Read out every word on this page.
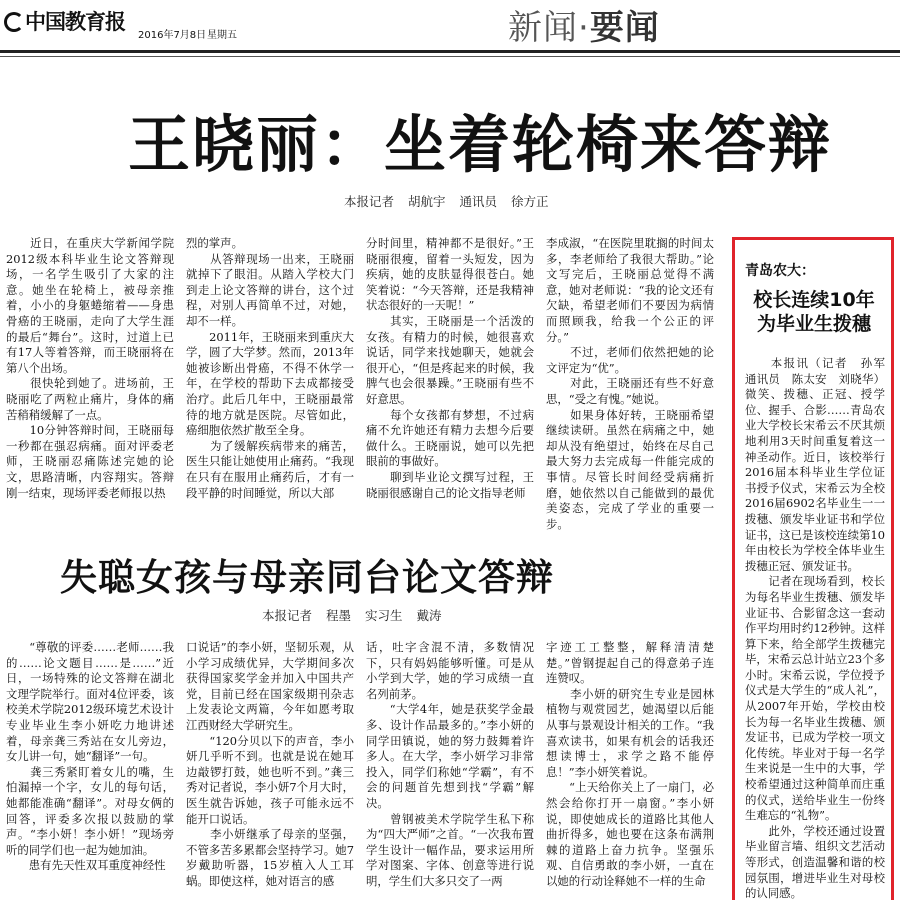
中国教育报
2016年7月8日 星期五	新闻·要闻
王晓丽：坐着轮椅来答辩
本报记者 胡航宇 通讯员 徐方正

　　近日，在重庆大学新闻学院2012级本科毕业生论文答辩现场，一名学生吸引了大家的注意。她坐在轮椅上，被母亲推着，小小的身躯蜷缩着——身患骨癌的王晓丽，走向了大学生涯的最后“舞台”。这时，过道上已有17人等着答辩，而王晓丽将在第八个出场。

　　很快轮到她了。进场前，王晓丽吃了两粒止痛片，身体的痛苦稍稍缓解了一点。

　　10分钟答辩时间，王晓丽每一秒都在强忍病痛。面对评委老师，王晓丽忍痛陈述完她的论文，思路清晰，内容翔实。答辩刚一结束，现场评委老师报以热

烈的掌声。

　　从答辩现场一出来，王晓丽就掉下了眼泪。从踏入学校大门到走上论文答辩的讲台，这个过程，对别人再简单不过，对她，却不一样。

　　2011年，王晓丽来到重庆大学，圆了大学梦。然而，2013年她被诊断出骨癌，不得不休学一年，在学校的帮助下去成都接受治疗。此后几年中，王晓丽最常待的地方就是医院。尽管如此，癌细胞依然扩散至全身。

　　为了缓解疾病带来的痛苦，医生只能让她使用止痛药。“我现在只有在服用止痛药后，才有一段平静的时间睡觉，所以大部

分时间里，精神都不是很好。”王晓丽很瘦，留着一头短发，因为疾病，她的皮肤显得很苍白。她笑着说：“今天答辩，还是我精神状态很好的一天呢！”

　　其实，王晓丽是一个活泼的女孩。有精力的时候，她很喜欢说话，同学来找她聊天，她就会很开心，“但是疼起来的时候，我脾气也会很暴躁。”王晓丽有些不好意思。

　　每个女孩都有梦想，不过病痛不允许她还有精力去想今后要做什么。王晓丽说，她可以先把眼前的事做好。

　　聊到毕业论文撰写过程，王晓丽很感谢自己的论文指导老师

李成淑，“在医院里耽搁的时间太多，李老师给了我很大帮助。”论文写完后，王晓丽总觉得不满意，她对老师说：“我的论文还有欠缺，希望老师们不要因为病情而照顾我，给我一个公正的评分。”

　　不过，老师们依然把她的论文评定为“优”。

　　对此，王晓丽还有些不好意思，“受之有愧。”她说。

　　如果身体好转，王晓丽希望继续读研。虽然在病痛之中，她却从没有绝望过，始终在尽自己最大努力去完成每一件能完成的事情。尽管长时间经受病痛折磨，她依然以自己能做到的最优美姿态，完成了学业的重要一步。

失聪女孩与母亲同台论文答辩
本报记者 程墨 实习生 戴涛

　　“尊敬的评委……老师……我的……论文题目……是……”近日，一场特殊的论文答辩在湖北文理学院举行。面对4位评委，该校美术学院2012级环境艺术设计专业毕业生李小妍吃力地讲述着，母亲龚三秀站在女儿旁边，女儿讲一句，她“翻译”一句。

　　龚三秀紧盯着女儿的嘴，生怕漏掉一个字，女儿的每句话，她都能准确“翻译”。对母女俩的回答，评委多次报以鼓励的掌声。“李小妍！李小妍！”现场旁听的同学们也一起为她加油。

　　患有先天性双耳重度神经性

口说话”的李小妍，坚韧乐观，从小学习成绩优异，大学期间多次获得国家奖学金并加入中国共产党，目前已经在国家级期刊杂志上发表论文两篇，今年如愿考取江西财经大学研究生。

　　“120分贝以下的声音，李小妍几乎听不到。也就是说在她耳边敲锣打鼓，她也听不到。”龚三秀对记者说，李小妍7个月大时，医生就告诉她，孩子可能永远不能开口说话。

　　李小妍继承了母亲的坚强，不管多苦多累都会坚持学习。她7岁戴助听器，15岁植入人工耳蜗。即使这样，她对语言的感

话，吐字含混不清，多数情况下，只有妈妈能够听懂。可是从小学到大学，她的学习成绩一直名列前茅。

　　“大学4年，她是获奖学金最多、设计作品最多的。”李小妍的同学田镇说，她的努力鼓舞着许多人。在大学，李小妍学习非常投入，同学们称她“学霸”，有不会的问题首先想到找“学霸”解决。

　　曾钢被美术学院学生私下称为“四大严师”之首。“一次我布置学生设计一幅作品，要求运用所学对图案、字体、创意等进行说明，学生们大多只交了一两

字迹工工整整，解释清清楚楚。”曾钢提起自己的得意弟子连连赞叹。

　　李小妍的研究生专业是园林植物与观赏园艺，她渴望以后能从事与景观设计相关的工作。“我喜欢读书，如果有机会的话我还想读博士，求学之路不能停息！”李小妍笑着说。

　　“上天给你关上了一扇门，必然会给你打开一扇窗。”李小妍说，即使她成长的道路比其他人曲折得多，她也要在这条布满荆棘的道路上奋力抗争。坚强乐观、自信勇敢的李小妍，一直在以她的行动诠释她不一样的生命

青岛农大：
校长连续10年
为毕业生拨穗

　　本报讯（记者　孙军　通讯员　陈太安　刘晓华）微笑、拨穗、正冠、授学位、握手、合影……青岛农业大学校长宋希云不厌其烦地利用3天时间重复着这一神圣动作。近日，该校举行2016届本科毕业生学位证书授予仪式，宋希云为全校2016届6902名毕业生一一拨穗、颁发毕业证书和学位证书，这已是该校连续第10年由校长为学校全体毕业生拨穗正冠、颁发证书。

　　记者在现场看到，校长为每名毕业生拨穗、颁发毕业证书、合影留念这一套动作平均用时约12秒钟。这样算下来，给全部学生拨穗完毕，宋希云总计站立23个多小时。宋希云说，学位授予仪式是大学生的“成人礼”，从2007年开始，学校由校长为每一名毕业生拨穗、颁发证书，已成为学校一项文化传统。毕业对于每一名学生来说是一生中的大事，学校希望通过这种简单而庄重的仪式，送给毕业生一份终生难忘的“礼物”。

　　此外，学校还通过设置毕业留言墙、组织文艺活动等形式，创造温馨和谐的校园氛围，增进毕业生对母校的认同感。
